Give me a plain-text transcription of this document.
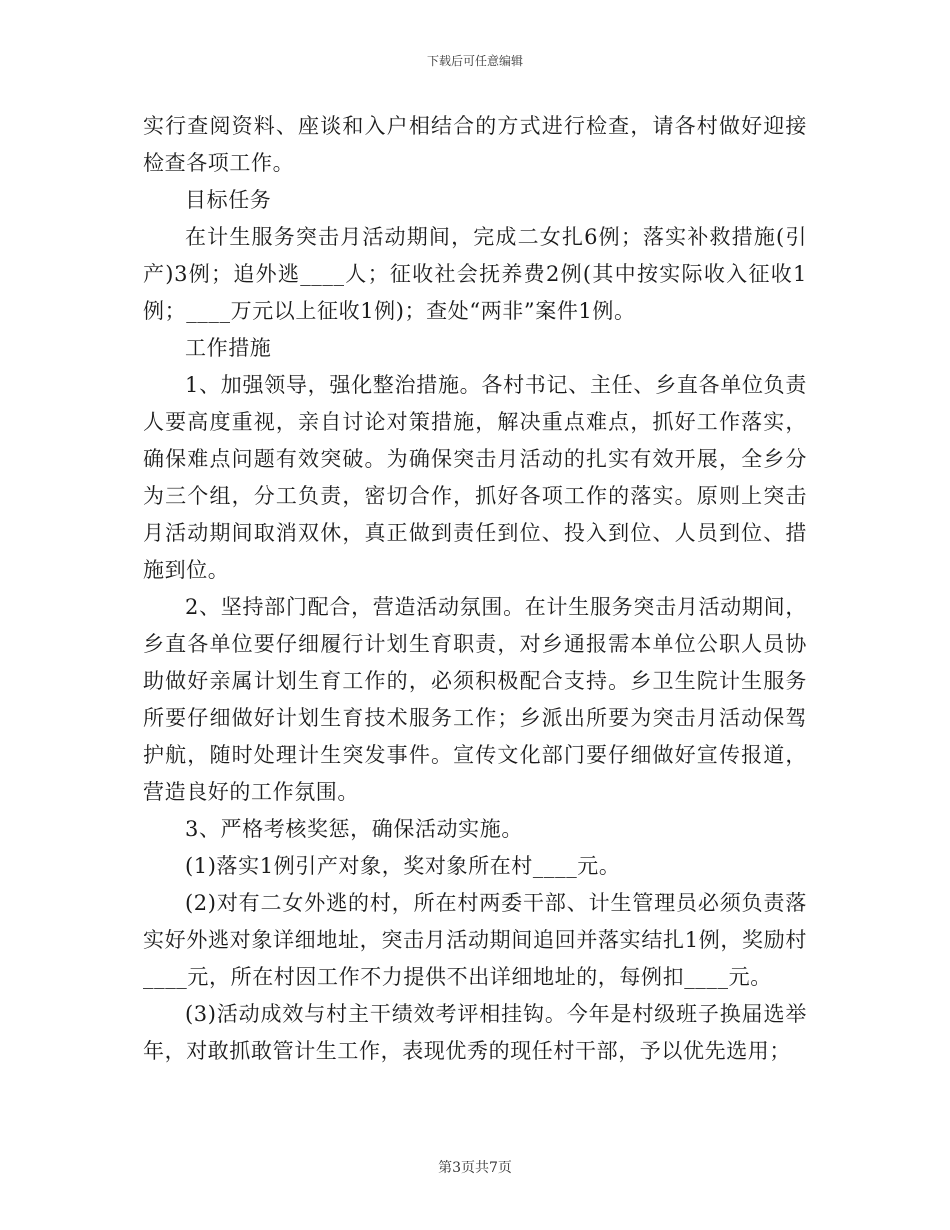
下载后可任意编辑

实行查阅资料、座谈和入户相结合的方式进行检查，请各村做好迎接检查各项工作。

目标任务

在计生服务突击月活动期间，完成二女扎6例；落实补救措施(引产)3例；追外逃____人；征收社会抚养费2例(其中按实际收入征收1例；____万元以上征收1例)；查处“两非”案件1例。

工作措施

1、加强领导，强化整治措施。各村书记、主任、乡直各单位负责人要高度重视，亲自讨论对策措施，解决重点难点，抓好工作落实，确保难点问题有效突破。为确保突击月活动的扎实有效开展，全乡分为三个组，分工负责，密切合作，抓好各项工作的落实。原则上突击月活动期间取消双休，真正做到责任到位、投入到位、人员到位、措施到位。

2、坚持部门配合，营造活动氛围。在计生服务突击月活动期间，乡直各单位要仔细履行计划生育职责，对乡通报需本单位公职人员协助做好亲属计划生育工作的，必须积极配合支持。乡卫生院计生服务所要仔细做好计划生育技术服务工作；乡派出所要为突击月活动保驾护航，随时处理计生突发事件。宣传文化部门要仔细做好宣传报道，营造良好的工作氛围。

3、严格考核奖惩，确保活动实施。

(1)落实1例引产对象，奖对象所在村____元。

(2)对有二女外逃的村，所在村两委干部、计生管理员必须负责落实好外逃对象详细地址，突击月活动期间追回并落实结扎1例，奖励村____元，所在村因工作不力提供不出详细地址的，每例扣____元。

(3)活动成效与村主干绩效考评相挂钩。今年是村级班子换届选举年，对敢抓敢管计生工作，表现优秀的现任村干部，予以优先选用；

第3页共7页
